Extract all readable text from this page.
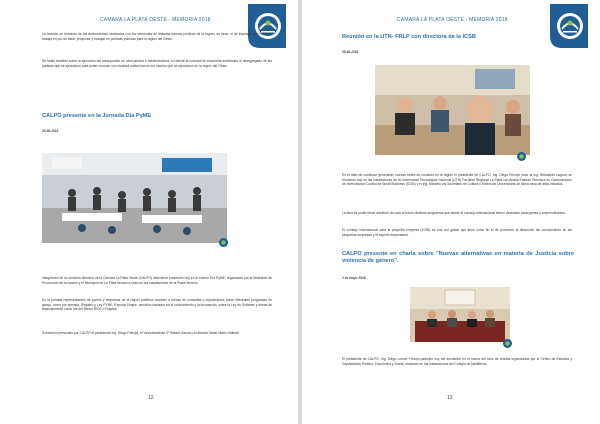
CAMARA LA PLATA OESTE - MEMORIA 2018
La revisión en términos de los antecedentes realizados con los referentes de distintas fuerzas políticas de la región, es decir, el de impulsar una mesa de trabajo en pro de idear, proyectar y trabajar en políticas públicas para la región del Oeste.
Se habló también sobre la ejecución del presupuesto en obra pública e infraestructura, en donde la concejal se encuentra solicitando el desagregado de las partidas que se ejecutaron para poder conocer con claridad cuáles fueron los montos que se ejecutaron en la región del Oeste.
CALPO presente en la Jornada Día PyME
25-06-2018
Integrantes de la comisión directiva de la Cámara La Plata Oeste (CALPO) estuvieron presentes hoy en el evento Día PyME, organizado por el Ministerio de Producción de la Nación y el Municipio de La Plata llevado a cabo en las instalaciones de la Plaza Moreno.
En la jornada representantes de pymes y empresas de la región pudieron acceder a mesas de consultas y exposiciones sobre diferentes programas de apoyo, como por ejemplo, Registro y Ley PYME, Exporta Simple, servicios basados en el conocimiento y la innovación, sobre la Ley de Software y líneas de financiamiento como las del Banco BICE o Fogaba.
Estuvieron presentes por CALPO el presidente Ing. Diego Principi, el Vicepresidente 3º Rafael García y el director titular Mario Halbutti.
12
CAMARA LA PLATA OESTE - MEMORIA 2018
Reunión en la UTN- FRLP con directora de la ICSB
25-06-2018
En el afán de continuar generando nuevas redes de contacto en la región el presidente de CALPO, Ing. Diego Principi junto al Ing. Sebastián Laguzzi se reunieron hoy en las instalaciones de la Universidad Tecnológica Nacional (UTN) Facultad Regional La Plata con Analía Pastran Directora en Comunicación de International Council for Small Business (ICSB) y el Ing. Marcelo Vai Secretario de Cultura y Extensión Universitaria de dicha casa de altos estudios.
La idea es poder llevar adelante de cara al futuro distintos programas que desde el consejo internacional tienen destinado para pymes y emprendedores.
El consejo internacional para la pequeña empresa (ICSB) es una red global que tiene como fin el de promover el desarrollo del conocimiento en las pequeñas empresas y el espíritu empresarial.
CALPO presente en charla sobre "Nuevas alternativas en materia de Justicia sobre violencia de género".
2 de mayo 2018
El presidente de CALPO, Ing. Diego Leonel Principi participó hoy del encuentro en el marco del ciclo de charlas organizadas por el Centro de Estudios y Capacitación Política, Económica y Social, realizado en las instalaciones del Colegio de Martilleros.
13
